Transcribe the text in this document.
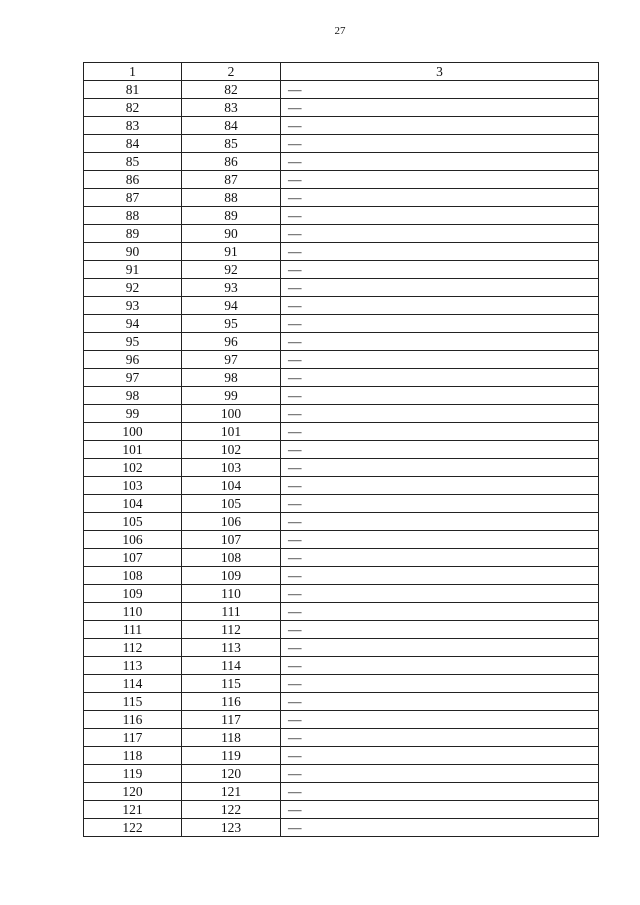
27
1	2	3
81	82	—
82	83	—
83	84	—
84	85	—
85	86	—
86	87	—
87	88	—
88	89	—
89	90	—
90	91	—
91	92	—
92	93	—
93	94	—
94	95	—
95	96	—
96	97	—
97	98	—
98	99	—
99	100	—
100	101	—
101	102	—
102	103	—
103	104	—
104	105	—
105	106	—
106	107	—
107	108	—
108	109	—
109	110	—
110	111	—
111	112	—
112	113	—
113	114	—
114	115	—
115	116	—
116	117	—
117	118	—
118	119	—
119	120	—
120	121	—
121	122	—
122	123	—
